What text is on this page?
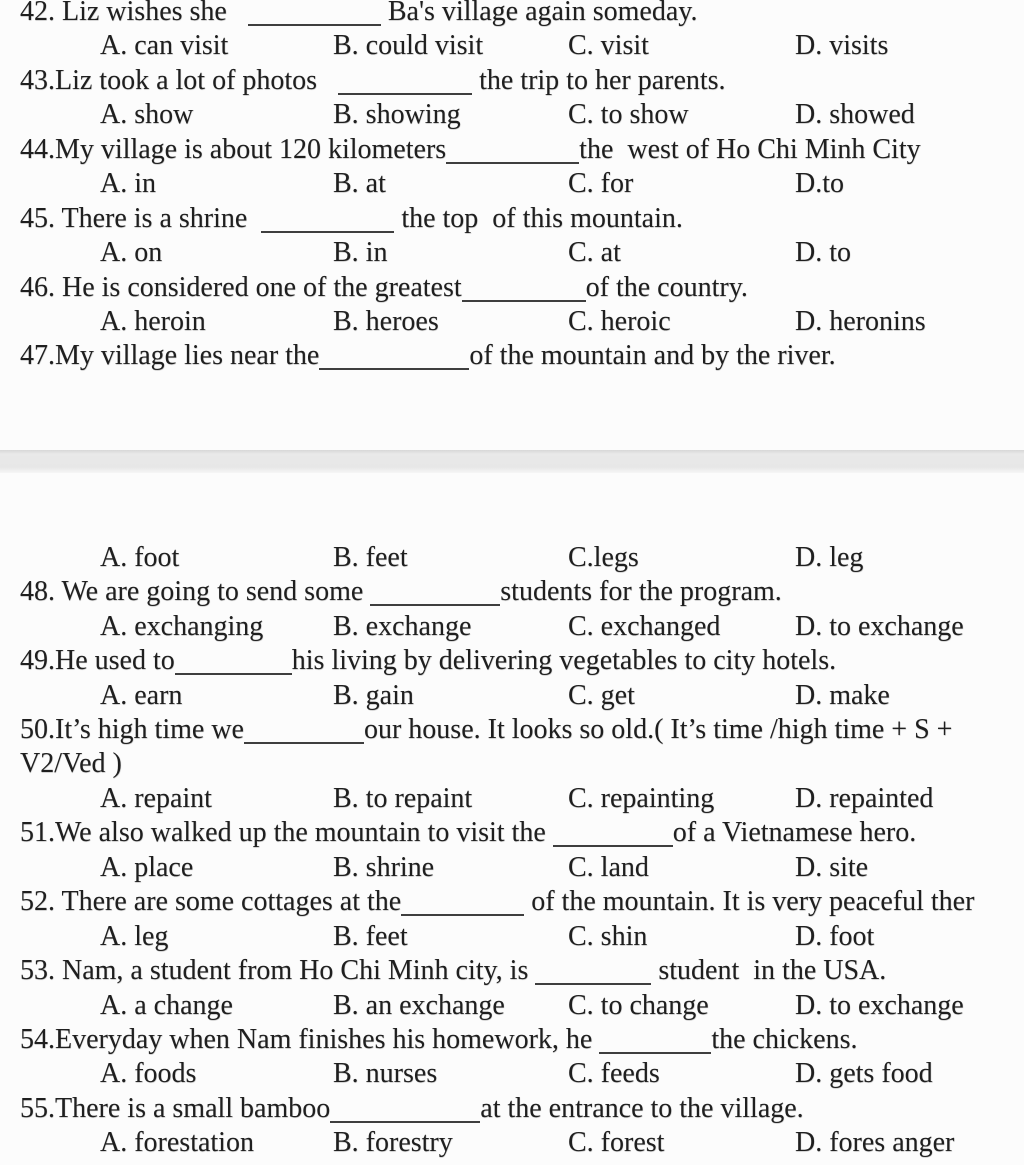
42. Liz wishes she	Ba's village again someday.
A. can visit	B. could visit	C. visit	D. visits
43.Liz took a lot of photos	the trip to her parents.
A. show	B. showing	C. to show	D. showed
44.My village is about 120 kilometers	the  west of Ho Chi Minh City
A. in	B. at	C. for	D.to
45. There is a shrine	the top  of this mountain.
A. on	B. in	C. at	D. to
46. He is considered one of the greatest	of the country.
A. heroin	B. heroes	C. heroic	D. heronins
47.My village lies near the	of the mountain and by the river.
A. foot	B. feet	C.legs	D. leg
48. We are going to send some	students for the program.
A. exchanging B. exchange	C. exchanged	D. to exchange
49.He used to	his living by delivering vegetables to city hotels.
A. earn	B. gain	C. get	D. make
50.It’s high time we	our house. It looks so old.( It’s time /high time + S +
V2/Ved )
A. repaint	B. to repaint	C. repainting	D. repainted
51.We also walked up the mountain to visit the	of a Vietnamese hero.
A. place	B. shrine	C. land	D. site
52. There are some cottages at the	of the mountain. It is very peaceful ther
A. leg	B. feet	C. shin	D. foot
53. Nam, a student from Ho Chi Minh city, is	student  in the USA.
A. a change	B. an exchange C. to change	D. to exchange
54.Everyday when Nam finishes his homework, he	the chickens.
A. foods	B. nurses	C. feeds	D. gets food
55.There is a small bamboo	at the entrance to the village.
A. forestation	B. forestry	C. forest	D. fores anger
